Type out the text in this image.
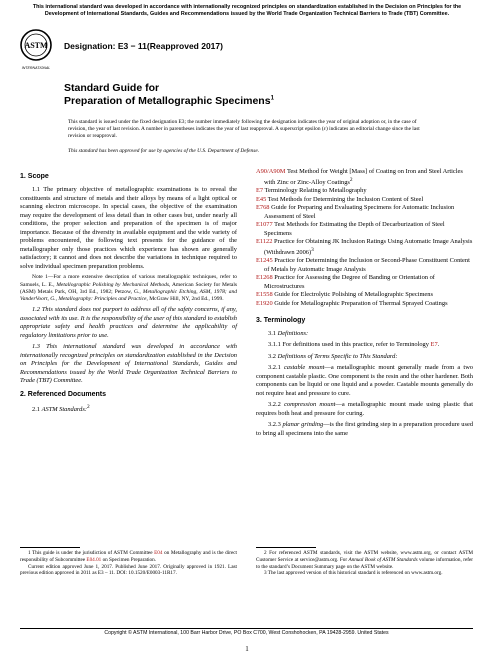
This international standard was developed in accordance with internationally recognized principles on standardization established in the Decision on Principles for the Development of International Standards, Guides and Recommendations issued by the World Trade Organization Technical Barriers to Trade (TBT) Committee.
ASTM
INTERNATIONAL
Designation: E3 − 11(Reapproved 2017)
Standard Guide for
Preparation of Metallographic Specimens$^1$
This standard is issued under the fixed designation E3; the number immediately following the designation indicates the year of original adoption or, in the case of revision, the year of last revision. A number in parentheses indicates the year of last reapproval. A superscript epsilon (ε) indicates an editorial change since the last revision or reapproval.
This standard has been approved for use by agencies of the U.S. Department of Defense.
1. Scope

1.1 The primary objective of metallographic examinations is to reveal the constituents and structure of metals and their alloys by means of a light optical or scanning electron microscope. In special cases, the objective of the examination may require the development of less detail than in other cases but, under nearly all conditions, the proper selection and preparation of the specimen is of major importance. Because of the diversity in available equipment and the wide variety of problems encountered, the following text presents for the guidance of the metallographer only those practices which experience has shown are generally satisfactory; it cannot and does not describe the variations in technique required to solve individual specimen preparation problems.

Note 1—For a more extensive description of various metallographic techniques, refer to Samuels, L. E., Metallographic Polishing by Mechanical Methods, American Society for Metals (ASM) Metals Park, OH, 3rd Ed., 1982; Petzow, G., Metallographic Etching, ASM, 1978; and VanderVoort, G., Metallography: Principles and Practice, McGraw Hill, NY, 2nd Ed., 1999.

1.2 This standard does not purport to address all of the safety concerns, if any, associated with its use. It is the responsibility of the user of this standard to establish appropriate safety and health practices and determine the applicability of regulatory limitations prior to use.

1.3 This international standard was developed in accordance with internationally recognized principles on standardization established in the Decision on Principles for the Development of International Standards, Guides and Recommendations issued by the World Trade Organization Technical Barriers to Trade (TBT) Committee.

2. Referenced Documents

2.1 ASTM Standards:$^2$

A90/A90M Test Method for Weight [Mass] of Coating on Iron and Steel Articles with Zinc or Zinc-Alloy Coatings$^2$

E7 Terminology Relating to Metallography

E45 Test Methods for Determining the Inclusion Content of Steel

E768 Guide for Preparing and Evaluating Specimens for Automatic Inclusion Assessment of Steel

E1077 Test Methods for Estimating the Depth of Decarburization of Steel Specimens

E1122 Practice for Obtaining JK Inclusion Ratings Using Automatic Image Analysis (Withdrawn 2006)$^3$

E1245 Practice for Determining the Inclusion or Second-Phase Constituent Content of Metals by Automatic Image Analysis

E1268 Practice for Assessing the Degree of Banding or Orientation of Microstructures

E1558 Guide for Electrolytic Polishing of Metallographic Specimens

E1920 Guide for Metallographic Preparation of Thermal Sprayed Coatings

3. Terminology

3.1 Definitions:

3.1.1 For definitions used in this practice, refer to Terminology E7.

3.2 Definitions of Terms Specific to This Standard:

3.2.1 castable mount—a metallographic mount generally made from a two component castable plastic. One component is the resin and the other hardener. Both components can be liquid or one liquid and a powder. Castable mounts generally do not require heat and pressure to cure.

3.2.2 compression mount—a metallographic mount made using plastic that requires both heat and pressure for curing.

3.2.3 planar grinding—is the first grinding step in a preparation procedure used to bring all specimens into the same

1 This guide is under the jurisdiction of ASTM Committee E04 on Metallography and is the direct responsibility of Subcommittee E04.01 on Specimen Preparation.
Current edition approved June 1, 2017. Published June 2017. Originally approved in 1921. Last previous edition approved in 2011 as E3 – 11. DOI: 10.1520/E0003-11R17.
2 For referenced ASTM standards, visit the ASTM website, www.astm.org, or contact ASTM Customer Service at service@astm.org. For Annual Book of ASTM Standards volume information, refer to the standard’s Document Summary page on the ASTM website.
3 The last approved version of this historical standard is referenced on www.astm.org.
Copyright © ASTM International, 100 Barr Harbor Drive, PO Box C700, West Conshohocken, PA 19428-2959. United States
1
